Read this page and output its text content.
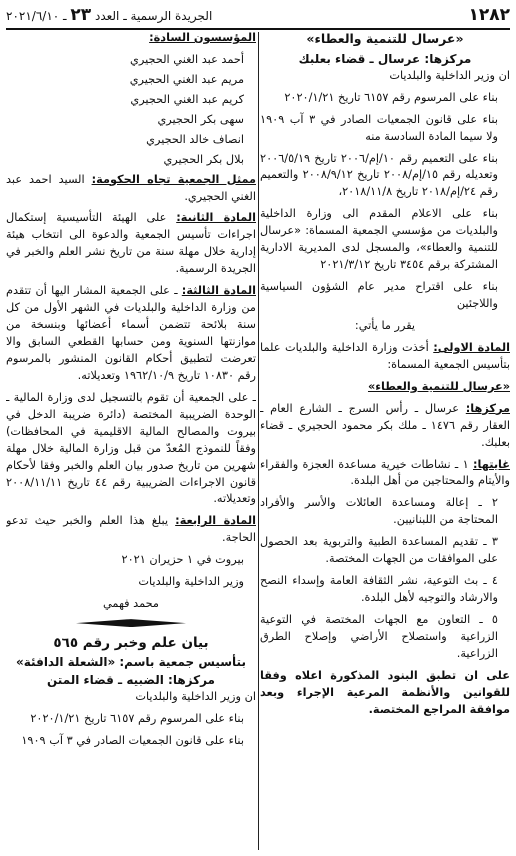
١٢٨٢
الجريدة الرسمية ـ العدد ٢٣ ـ ٢٠٢١/٦/١٠
«عرسال للتنمية والعطاء»
مركزها: عرسال ـ قضاء بعلبك

ان وزير الداخلية والبلديات

بناء على المرسوم رقم ٦١٥٧ تاريخ ٢٠٢٠/١/٢١

بناء على قانون الجمعيات الصادر في ٣ آب ١٩٠٩ ولا سيما المادة السادسة منه

بناء على التعميم رقم ١٠/إم/٢٠٠٦ تاريخ ٢٠٠٦/٥/١٩ وتعديله رقم ١٥/إم/٢٠٠٨ تاريخ ٢٠٠٨/٩/١٢ والتعميم رقم ٢٤/إم/٢٠١٨ تاريخ ٢٠١٨/١١/٨،

بناء على الاعلام المقدم الى وزارة الداخلية والبلديات من مؤسسي الجمعية المسماة: «عرسال للتنمية والعطاء»، والمسجل لدى المديرية الادارية المشتركة برقم ٣٤٥٤ تاريخ ٢٠٢١/٣/١٢

بناء على اقتراح مدير عام الشؤون السياسية واللاجئين

يقرر ما يأتي:

المادة الاولى: أخذت وزارة الداخلية والبلديات علما بتأسيس الجمعية المسماة:

«عرسال للتنمية والعطاء»

مركزها: عرسال ـ رأس السرج ـ الشارع العام ـ العقار رقم ١٤٧٦ ـ ملك بكر محمود الحجيري ـ قضاء بعلبك.

غايتها: ١ ـ نشاطات خيرية مساعدة العجزة والفقراء والأيتام والمحتاجين من أهل البلدة.

٢ ـ إعالة ومساعدة العائلات والأسر والأفراد المحتاجة من اللبنانيين.

٣ ـ تقديم المساعدة الطبية والتربوية بعد الحصول على الموافقات من الجهات المختصة.

٤ ـ بث التوعية، نشر الثقافة العامة وإسداء النصح والارشاد والتوجيه لأهل البلدة.

٥ ـ التعاون مع الجهات المختصة في التوعية الزراعية واستصلاح الأراضي وإصلاح الطرق الزراعية.

على ان تطبق البنود المذكورة اعلاه وفقا للقوانين والأنظمة المرعية الإجراء وبعد موافقة المراجع المختصة.

المؤسسون السادة:

أحمد عبد الغني الحجيري

مريم عبد الغني الحجيري

كريم عبد الغني الحجيري

سهى بكر الحجيري

انصاف خالد الحجيري

بلال بكر الحجيري

ممثل الجمعية تجاه الحكومة: السيد احمد عبد الغني الحجيري.

المادة الثانية: على الهيئة التأسيسية إستكمال اجراءات تأسيس الجمعية والدعوة الى انتخاب هيئة إدارية خلال مهلة سنة من تاريخ نشر العلم والخبر في الجريدة الرسمية.

المادة الثالثة: ـ على الجمعية المشار اليها أن تتقدم من وزارة الداخلية والبلديات في الشهر الأول من كل سنة بلائحة تتضمن أسماء أعضائها وبنسخة من موازنتها السنوية ومن حسابها القطعي السابق والا تعرضت لتطبيق أحكام القانون المنشور بالمرسوم رقم ١٠٨٣٠ تاريخ ١٩٦٢/١٠/٩ وتعديلاته.

ـ على الجمعية أن تقوم بالتسجيل لدى وزارة المالية ـ الوحدة الضريبية المختصة (دائرة ضريبة الدخل في بيروت والمصالح المالية الاقليمية في المحافظات) وفقاً للنموذج المُعدّ من قبل وزارة المالية خلال مهلة شهرين من تاريخ صدور بيان العلم والخبر وفقا لأحكام قانون الاجراءات الضريبية رقم ٤٤ تاريخ ٢٠٠٨/١١/١١ وتعديلاته.

المادة الرابعة: يبلغ هذا العلم والخبر حيث تدعو الحاجة.

بيروت في ١ حزيران ٢٠٢١

وزير الداخلية والبلديات

محمد فهمي

بيان علم وخبر رقم ٥٦٥
بتأسيس جمعية باسم: «الشعلة الدافئة»
مركزها: الضبيه ـ قضاء المتن

ان وزير الداخلية والبلديات

بناء على المرسوم رقم ٦١٥٧ تاريخ ٢٠٢٠/١/٢١

بناء على قانون الجمعيات الصادر في ٣ آب ١٩٠٩
